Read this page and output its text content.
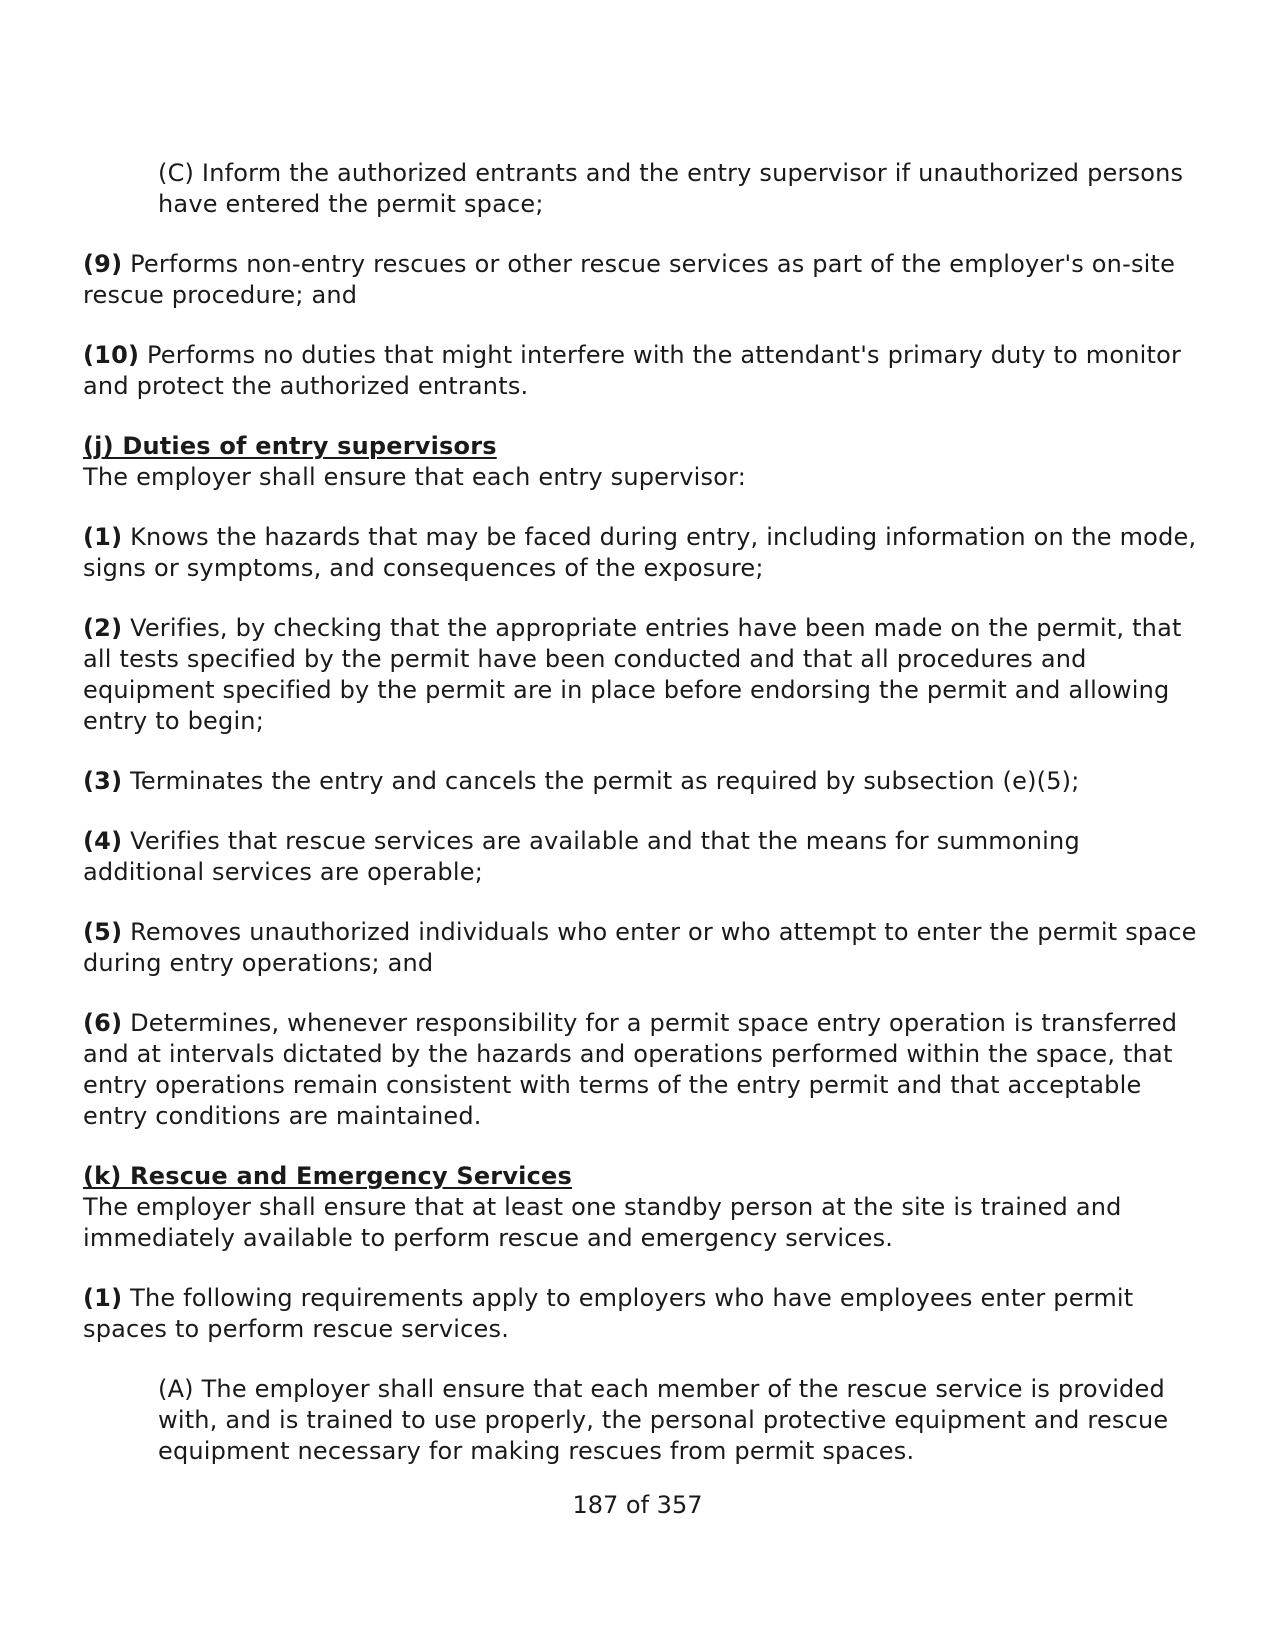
(C) Inform the authorized entrants and the entry supervisor if unauthorized persons have entered the permit space;

(9) Performs non-entry rescues or other rescue services as part of the employer's on-site rescue procedure; and

(10) Performs no duties that might interfere with the attendant's primary duty to monitor and protect the authorized entrants.

(j) Duties of entry supervisors
The employer shall ensure that each entry supervisor:

(1) Knows the hazards that may be faced during entry, including information on the mode, signs or symptoms, and consequences of the exposure;

(2) Verifies, by checking that the appropriate entries have been made on the permit, that all tests specified by the permit have been conducted and that all procedures and equipment specified by the permit are in place before endorsing the permit and allowing entry to begin;

(3) Terminates the entry and cancels the permit as required by subsection (e)(5);

(4) Verifies that rescue services are available and that the means for summoning additional services are operable;

(5) Removes unauthorized individuals who enter or who attempt to enter the permit space during entry operations; and

(6) Determines, whenever responsibility for a permit space entry operation is transferred and at intervals dictated by the hazards and operations performed within the space, that entry operations remain consistent with terms of the entry permit and that acceptable entry conditions are maintained.

(k) Rescue and Emergency Services
The employer shall ensure that at least one standby person at the site is trained and immediately available to perform rescue and emergency services.

(1) The following requirements apply to employers who have employees enter permit spaces to perform rescue services.

(A) The employer shall ensure that each member of the rescue service is provided with, and is trained to use properly, the personal protective equipment and rescue equipment necessary for making rescues from permit spaces.

187 of 357
